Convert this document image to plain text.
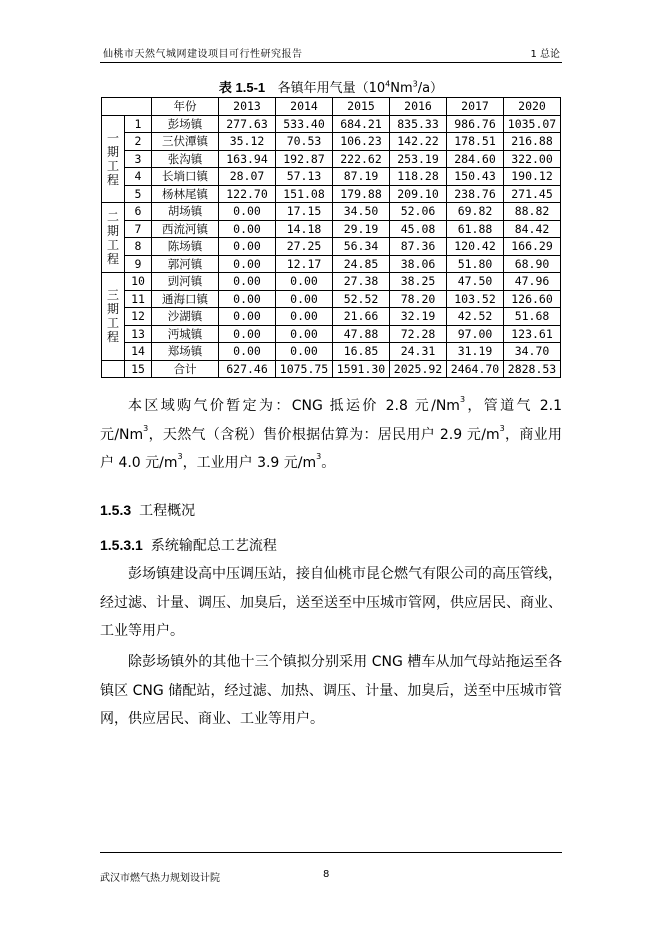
仙桃市天然气城网建设项目可行性研究报告	1 总论
表 1.5-1 各镇年用气量$(10^4Nm^3/a)$
		年份	2013	2014	2015	2016	2017	2020

一
期
工
程	1	彭场镇	277.63	533.40	684.21	835.33	986.76	1035.07
	2	三伏潭镇	35.12	70.53	106.23	142.22	178.51	216.88
	3	张沟镇	163.94	192.87	222.62	253.19	284.60	322.00
	4	长埫口镇	28.07	57.13	87.19	118.28	150.43	190.12
	5	杨林尾镇	122.70	151.08	179.88	209.10	238.76	271.45

二
期
工
程	6	胡场镇	0.00	17.15	34.50	52.06	69.82	88.82
	7	西流河镇	0.00	14.18	29.19	45.08	61.88	84.42
	8	陈场镇	0.00	27.25	56.34	87.36	120.42	166.29
	9	郭河镇	0.00	12.17	24.85	38.06	51.80	68.90

三
期
工
程	10	剅河镇	0.00	0.00	27.38	38.25	47.50	47.96
	11	通海口镇	0.00	0.00	52.52	78.20	103.52	126.60
	12	沙湖镇	0.00	0.00	21.66	32.19	42.52	51.68
	13	沔城镇	0.00	0.00	47.88	72.28	97.00	123.61
	14	郑场镇	0.00	0.00	16.85	24.31	31.19	34.70
	15	合计	627.46	1075.75	1591.30	2025.92	2464.70	2828.53
本区域购气价暂定为：CNG 抵运价 2.8 元/Nm$^3$，管道气 2.1 元/Nm$^3$，天然气（含税）售价根据估算为：居民用户 2.9 元$/m^3$，商业用户 4.0 元$/m^3$，工业用户 3.9 元$/m^3$。
1.5.3 工程概况
1.5.3.1 系统输配总工艺流程
彭场镇建设高中压调压站，接自仙桃市昆仑燃气有限公司的高压管线，经过滤、计量、调压、加臭后，送至送至中压城市管网，供应居民、商业、工业等用户。
除彭场镇外的其他十三个镇拟分别采用 CNG 槽车从加气母站拖运至各镇区 CNG 储配站，经过滤、加热、调压、计量、加臭后，送至中压城市管网，供应居民、商业、工业等用户。
武汉市燃气热力规划设计院	8
